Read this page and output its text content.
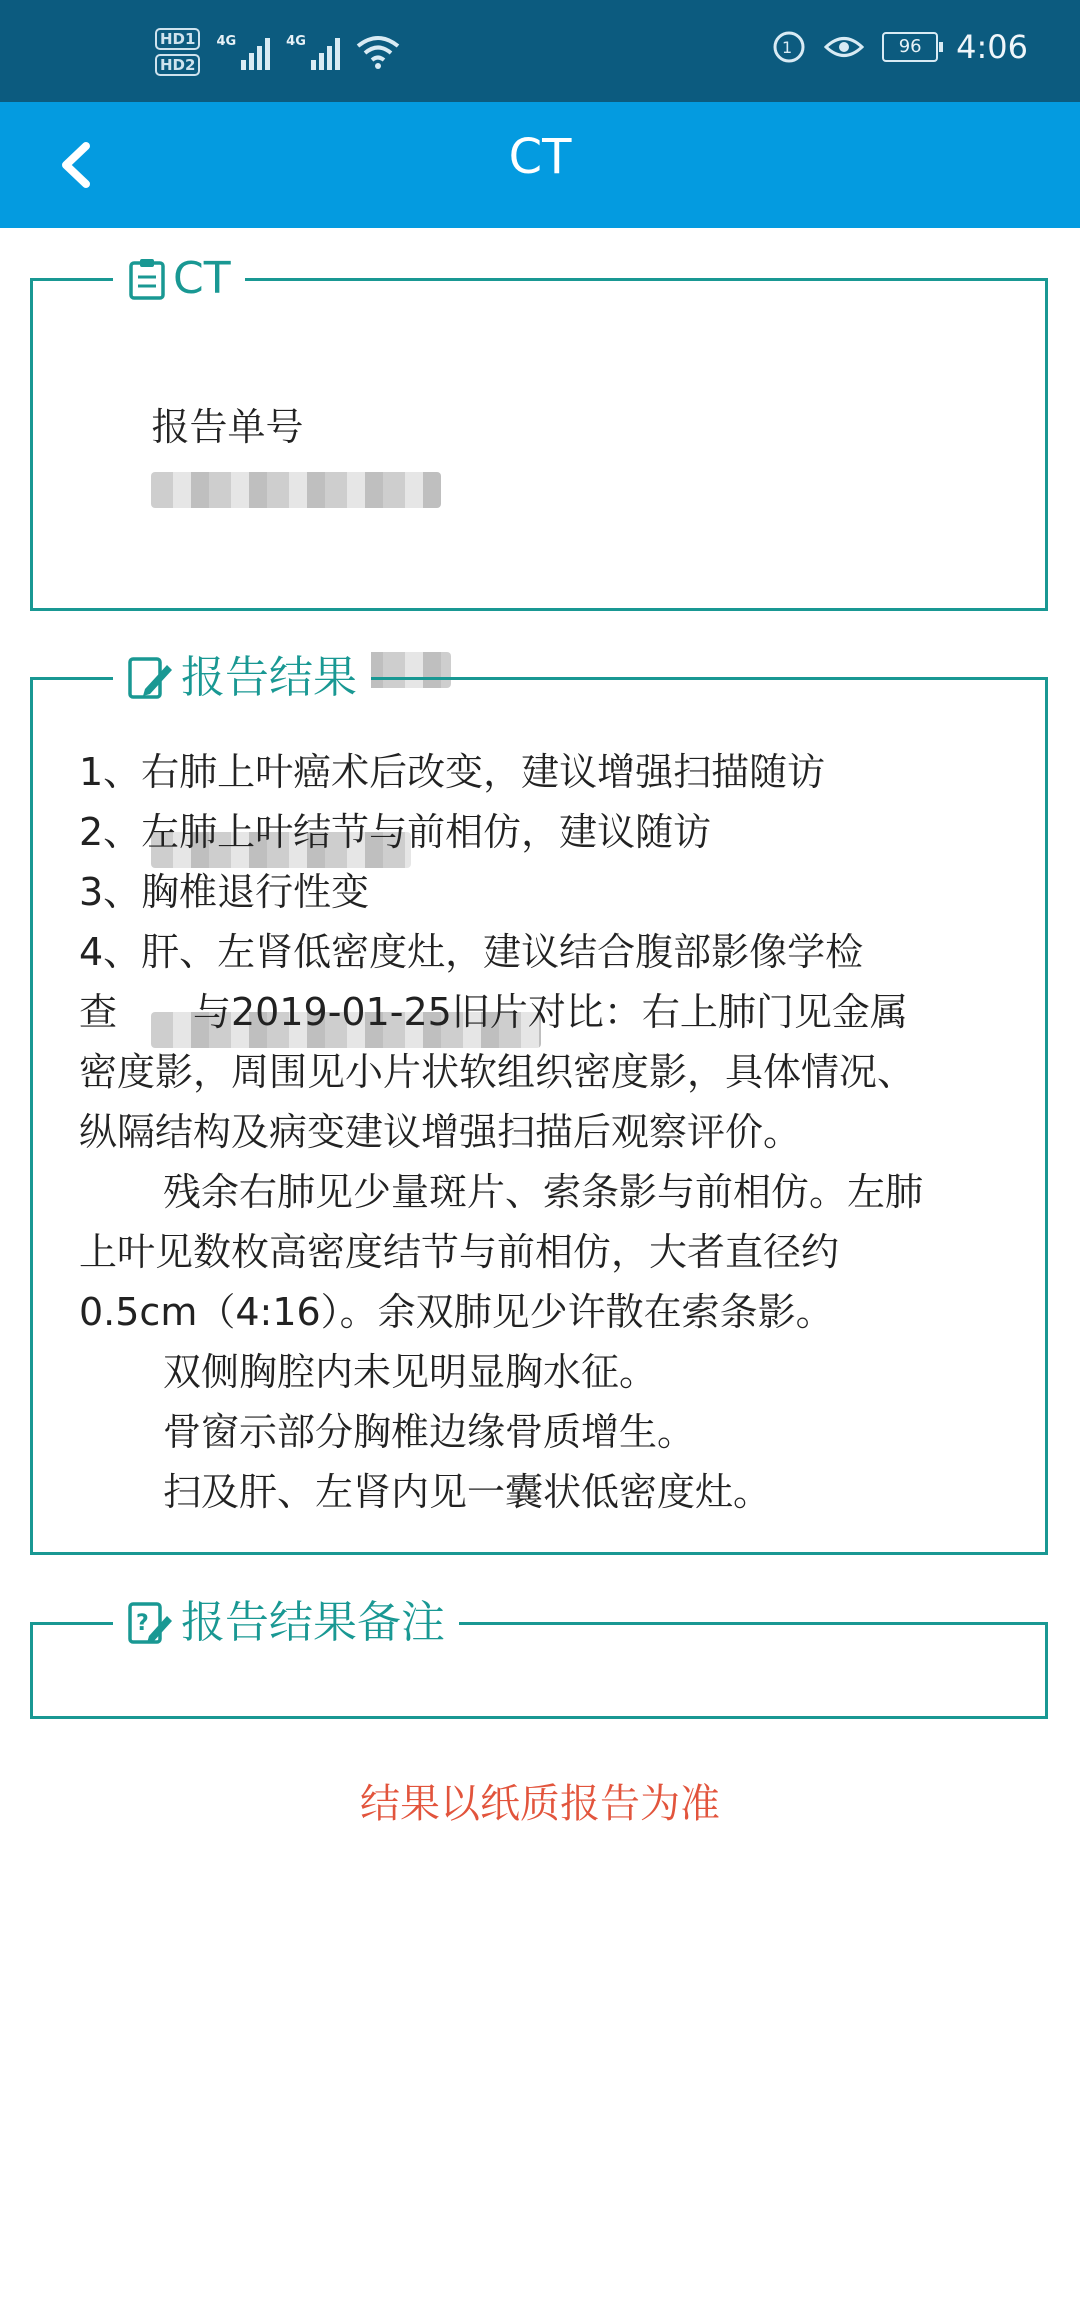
HD1
HD2
4G	4G	1	96	4:06
CT
CT

报告单号

报告结果
1、右肺上叶癌术后改变，建议增强扫描随访
2、左肺上叶结节与前相仿，建议随访
3、胸椎退行性变
4、肝、左肾低密度灶，建议结合腹部影像学检
查　　与2019-01-25旧片对比：右上肺门见金属
密度影，周围见小片状软组织密度影，具体情况、
纵隔结构及病变建议增强扫描后观察评价。
残余右肺见少量斑片、索条影与前相仿。左肺
上叶见数枚高密度结节与前相仿，大者直径约
0.5cm（4:16）。余双肺见少许散在索条影。
双侧胸腔内未见明显胸水征。
骨窗示部分胸椎边缘骨质增生。
扫及肝、左肾内见一囊状低密度灶。
? 报告结果备注
结果以纸质报告为准
